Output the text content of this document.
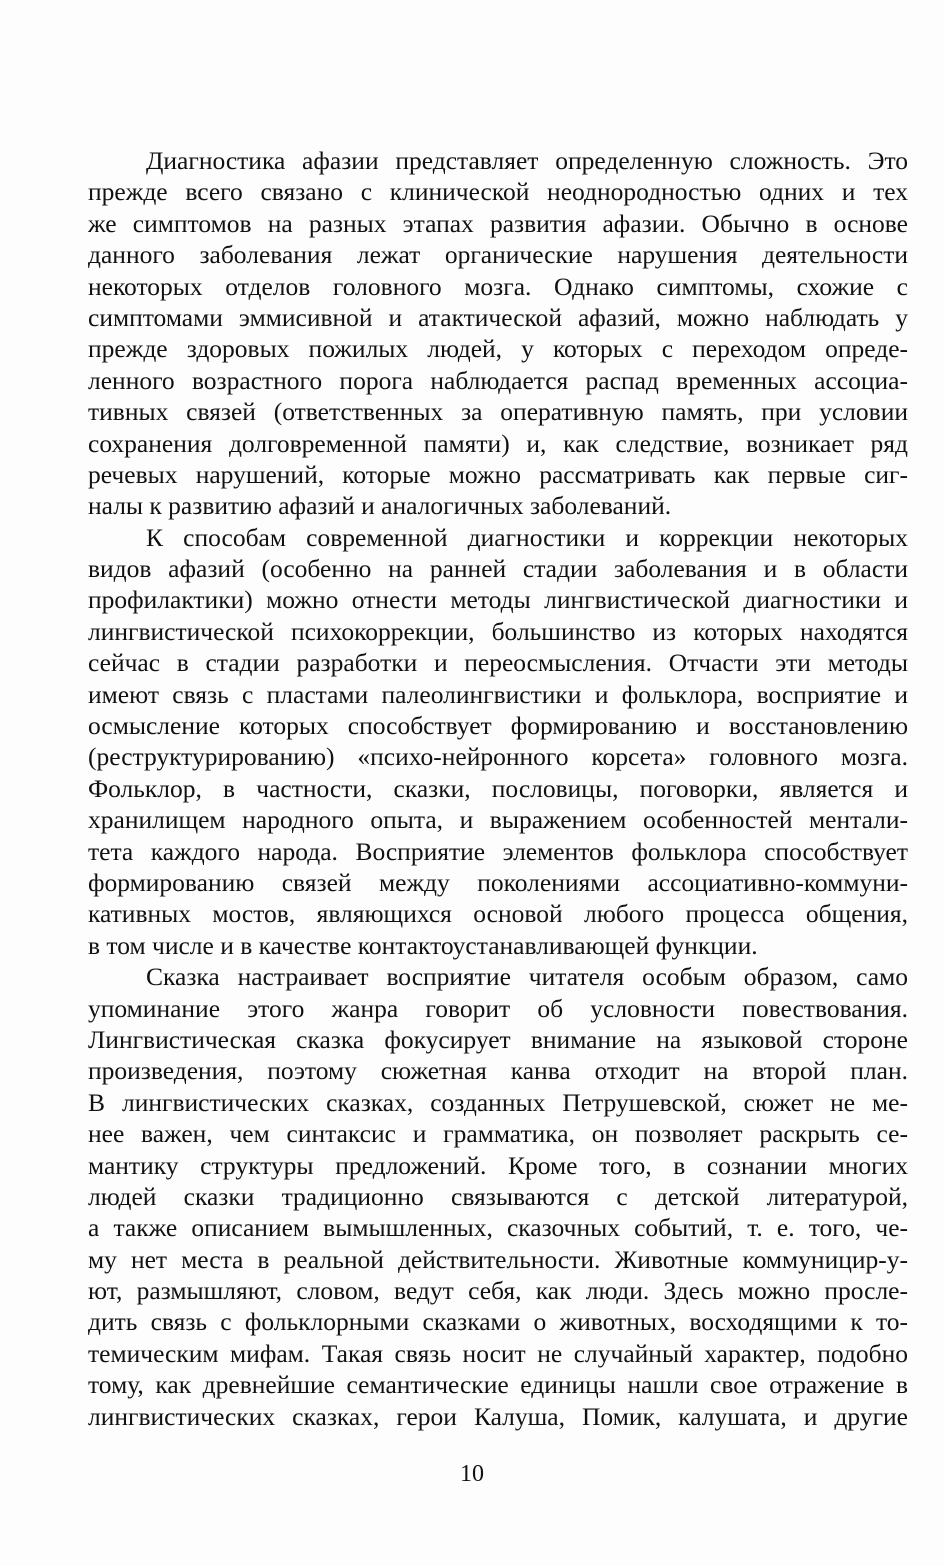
Диагностика афазии представляет определенную сложность. Это
прежде всего связано с клинической неоднородностью одних и тех
же симптомов на разных этапах развития афазии. Обычно в основе
данного заболевания лежат органические нарушения деятельности
некоторых отделов головного мозга. Однако симптомы, схожие с
симптомами эммисивной и атактической афазий, можно наблюдать у
прежде здоровых пожилых людей, у которых с переходом опреде-
ленного возрастного порога наблюдается распад временных ассоциа-
тивных связей (ответственных за оперативную память, при условии
сохранения долговременной памяти) и, как следствие, возникает ряд
речевых нарушений, которые можно рассматривать как первые сиг-
налы к развитию афазий и аналогичных заболеваний.
К способам современной диагностики и коррекции некоторых
видов афазий (особенно на ранней стадии заболевания и в области
профилактики) можно отнести методы лингвистической диагностики и
лингвистической психокоррекции, большинство из которых находятся
сейчас в стадии разработки и переосмысления. Отчасти эти методы
имеют связь с пластами палеолингвистики и фольклора, восприятие и
осмысление которых способствует формированию и восстановлению
(реструктурированию) «психо-нейронного корсета» головного мозга.
Фольклор, в частности, сказки, пословицы, поговорки, является и
хранилищем народного опыта, и выражением особенностей ментали-
тета каждого народа. Восприятие элементов фольклора способствует
формированию связей между поколениями ассоциативно-коммуни-
кативных мостов, являющихся основой любого процесса общения,
в том числе и в качестве контактоустанавливающей функции.
Сказка настраивает восприятие читателя особым образом, само
упоминание этого жанра говорит об условности повествования.
Лингвистическая сказка фокусирует внимание на языковой стороне
произведения, поэтому сюжетная канва отходит на второй план.
В лингвистических сказках, созданных Петрушевской, сюжет не ме-
нее важен, чем синтаксис и грамматика, он позволяет раскрыть се-
мантику структуры предложений. Кроме того, в сознании многих
людей сказки традиционно связываются с детской литературой,
а также описанием вымышленных, сказочных событий, т. е. того, че-
му нет места в реальной действительности. Животные коммуницир-у-
ют, размышляют, словом, ведут себя, как люди. Здесь можно просле-
дить связь с фольклорными сказками о животных, восходящими к то-
темическим мифам. Такая связь носит не случайный характер, подобно
тому, как древнейшие семантические единицы нашли свое отражение в
лингвистических сказках, герои Калуша, Помик, калушата, и другие
10
